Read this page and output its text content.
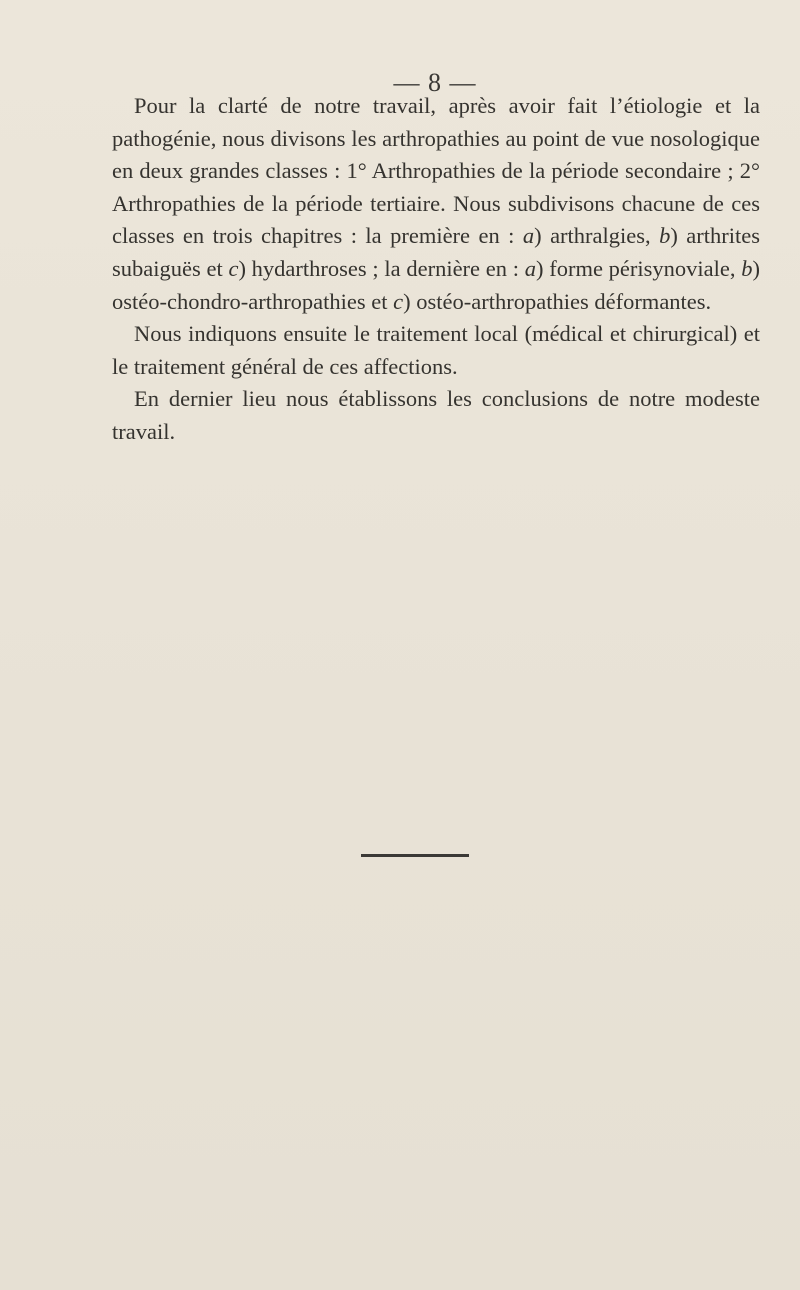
— 8 —

Pour la clarté de notre travail, après avoir fait l’étiologie et la pathogénie, nous divisons les arthropathies au point de vue nosologique en deux grandes classes : 1° Arthropathies de la période secondaire ; 2° Arthropathies de la période tertiaire. Nous subdivisons chacune de ces classes en trois chapitres : la première en : a) arthralgies, b) arthrites subaiguës et c) hydarthroses ; la dernière en : a) forme périsynoviale, b) ostéo-chondro-arthropathies et c) ostéo-arthropathies déformantes.

Nous indiquons ensuite le traitement local (médical et chirurgical) et le traitement général de ces affections.

En dernier lieu nous établissons les conclusions de notre modeste travail.
